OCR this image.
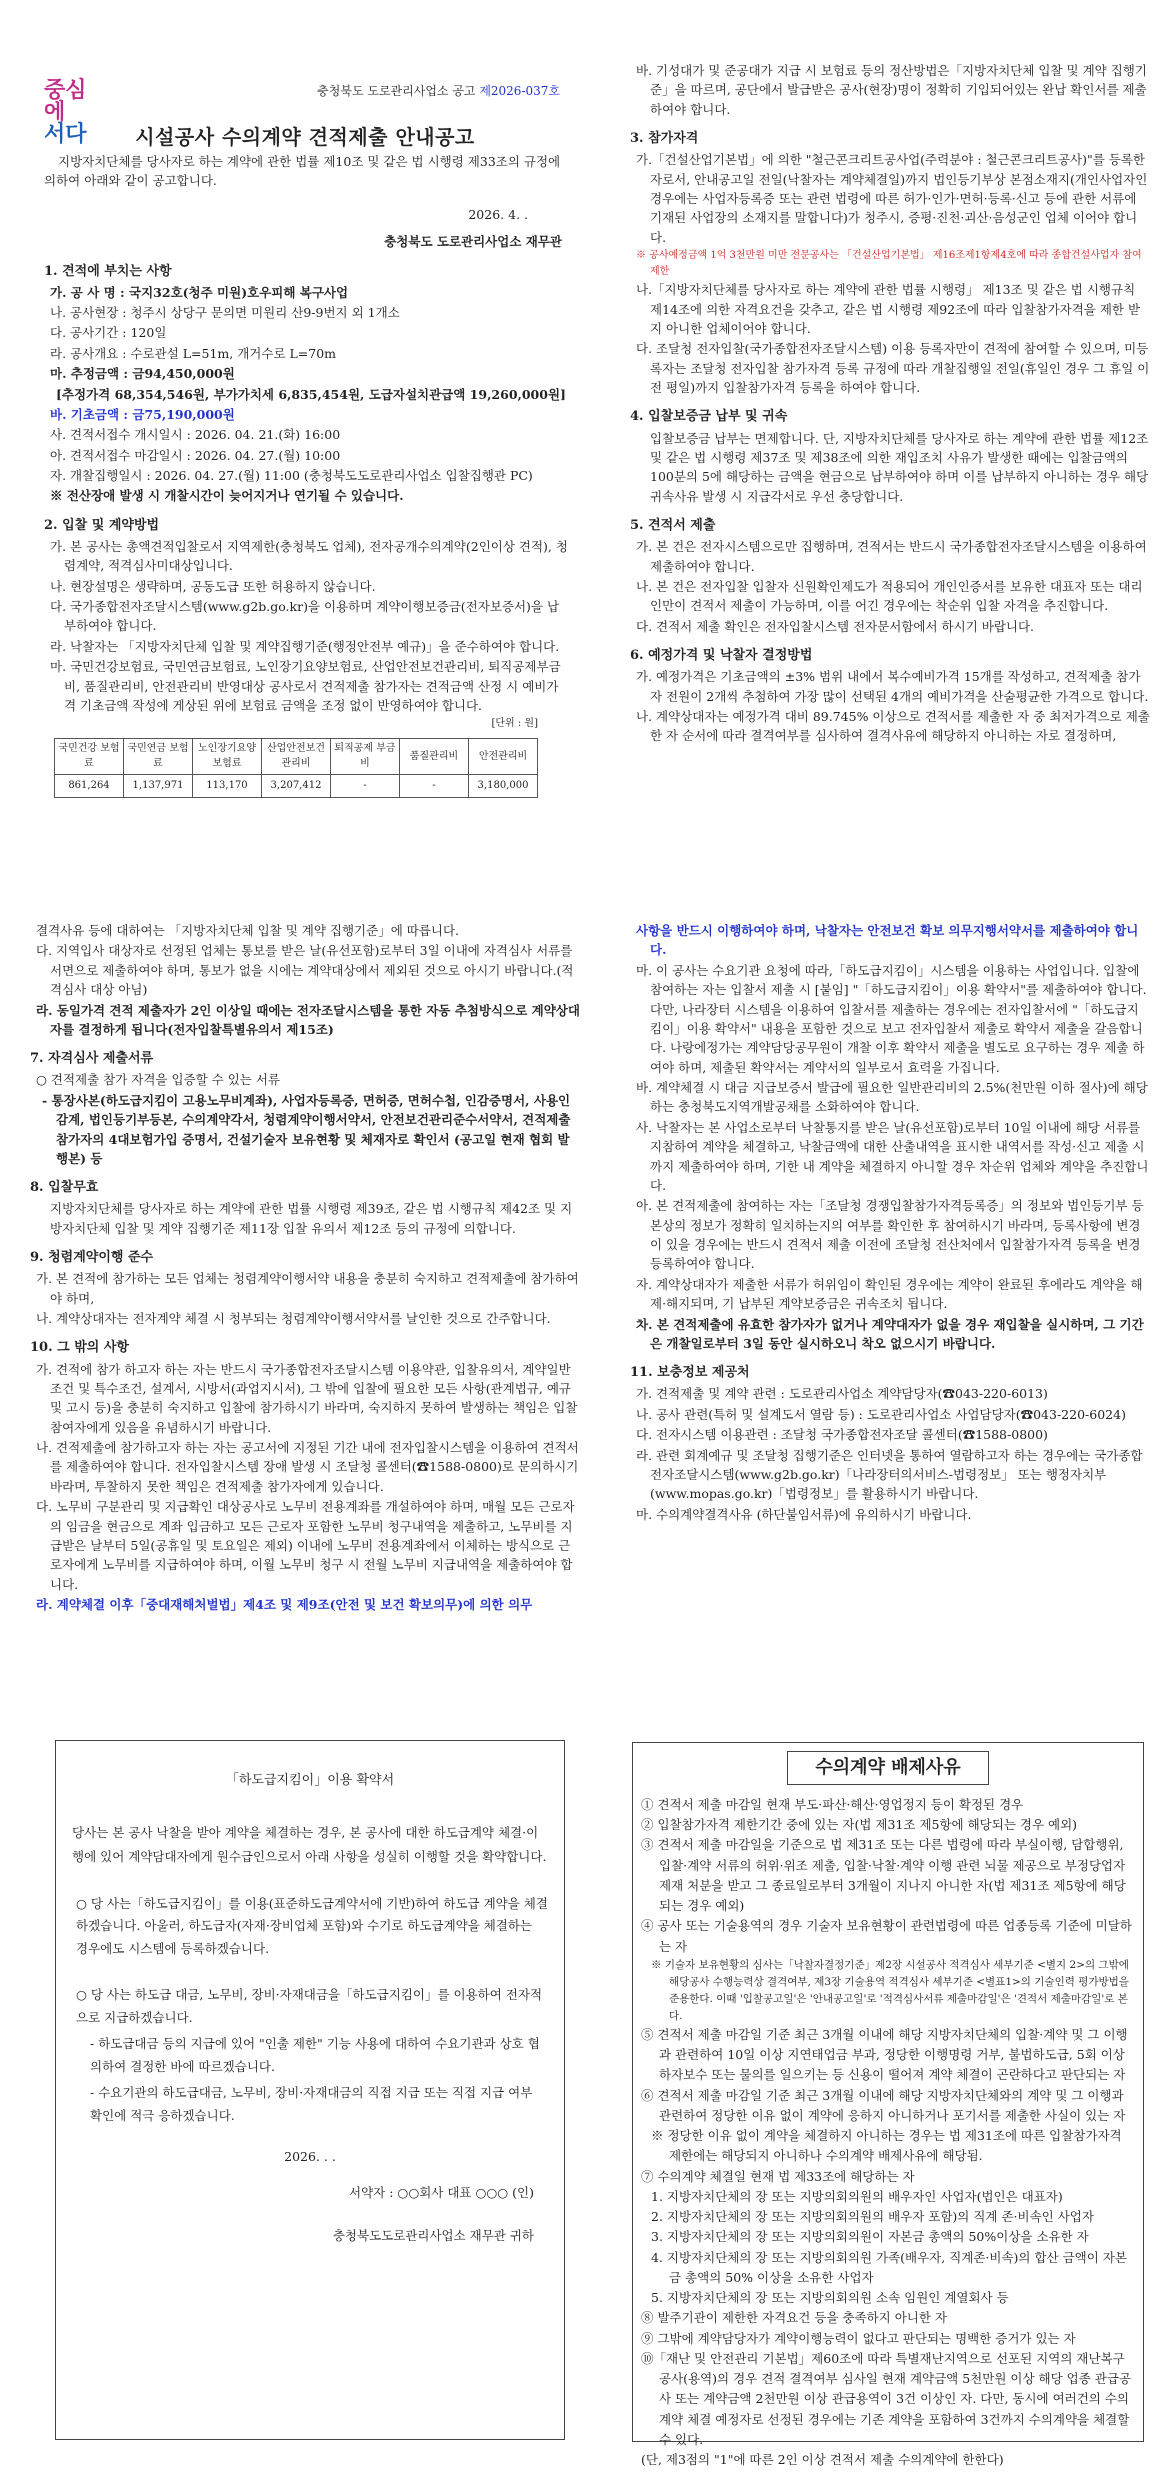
중심에
서다
충청북도 도로관리사업소 공고 제2026-037호
시설공사 수의계약 견적제출 안내공고
지방자치단체를 당사자로 하는 계약에 관한 법률 제10조 및 같은 법 시행령 제33조의 규정에 의하여 아래와 같이 공고합니다.
2026. 4. .
충청북도 도로관리사업소 재무관
1. 견적에 부치는 사항
가. 공 사 명 : 국지32호(청주 미원)호우피해 복구사업
나. 공사현장 : 청주시 상당구 문의면 미원리 산9-9번지 외 1개소
다. 공사기간 : 120일
라. 공사개요 : 수로관설 L=51m, 개거수로 L=70m
마. 추정금액 : 금94,450,000원
[추정가격 68,354,546원, 부가가치세 6,835,454원, 도급자설치관급액 19,260,000원]
바. 기초금액 : 금75,190,000원
사. 견적서접수 개시일시 : 2026. 04. 21.(화) 16:00
아. 견적서접수 마감일시 : 2026. 04. 27.(월) 10:00
자. 개찰집행일시 : 2026. 04. 27.(월) 11:00 (충청북도도로관리사업소 입찰집행관 PC)
※ 전산장애 발생 시 개찰시간이 늦어지거나 연기될 수 있습니다.
2. 입찰 및 계약방법
가. 본 공사는 총액견적입찰로서 지역제한(충청북도 업체), 전자공개수의계약(2인이상 견적), 청렴계약, 적격심사미대상입니다.
나. 현장설명은 생략하며, 공동도급 또한 허용하지 않습니다.
다. 국가종합전자조달시스템(www.g2b.go.kr)을 이용하며 계약이행보증금(전자보증서)을 납부하여야 합니다.
라. 낙찰자는 「지방자치단체 입찰 및 계약집행기준(행정안전부 예규)」을 준수하여야 합니다.
마. 국민건강보험료, 국민연금보험료, 노인장기요양보험료, 산업안전보건관리비, 퇴직공제부금비, 품질관리비, 안전관리비 반영대상 공사로서 견적제출 참가자는 견적금액 산정 시 예비가격 기초금액 작성에 게상된 위에 보험료 금액을 조정 없이 반영하여야 합니다.
[단위 : 원]
국민건강 보험료	국민연금 보험료	노인장기요양 보험료	산업안전보건 관리비	퇴직공제 부금비	품질관리비	안전관리비
861,264	1,137,971	113,170	3,207,412	-	-	3,180,000
바. 기성대가 및 준공대가 지급 시 보험료 등의 정산방법은「지방자치단체 입찰 및 계약 집행기준」을 따르며, 공단에서 발급받은 공사(현장)명이 정확히 기입되어있는 완납 확인서를 제출하여야 합니다.
3. 참가자격
가.「건설산업기본법」에 의한 "철근콘크리트공사업(주력분야 : 철근콘크리트공사)"를 등록한 자로서, 안내공고일 전일(낙찰자는 계약체결일)까지 법인등기부상 본점소재지(개인사업자인 경우에는 사업자등록증 또는 관련 법령에 따른 허가·인가·면허·등록·신고 등에 관한 서류에 기재된 사업장의 소재지를 말합니다)가 청주시, 증평·진천·괴산·음성군인 업체 이어야 합니다.
※ 공사예정금액 1억 3천만원 미만 전문공사는 「건설산업기본법」 제16조제1항제4호에 따라 종합건설사업자 참여제한
나.「지방자치단체를 당사자로 하는 계약에 관한 법률 시행령」 제13조 및 같은 법 시행규칙 제14조에 의한 자격요건을 갖추고, 같은 법 시행령 제92조에 따라 입찰참가자격을 제한 받지 아니한 업체이어야 합니다.
다. 조달청 전자입찰(국가종합전자조달시스템) 이용 등록자만이 견적에 참여할 수 있으며, 미등록자는 조달청 전자입찰 참가자격 등록 규정에 따라 개찰집행일 전일(휴일인 경우 그 휴일 이전 평일)까지 입찰참가자격 등록을 하여야 합니다.
4. 입찰보증금 납부 및 귀속
입찰보증금 납부는 면제합니다. 단, 지방자치단체를 당사자로 하는 계약에 관한 법률 제12조 및 같은 법 시행령 제37조 및 제38조에 의한 재입조치 사유가 발생한 때에는 입찰금액의 100분의 5에 해당하는 금액을 현금으로 납부하여야 하며 이를 납부하지 아니하는 경우 해당 귀속사유 발생 시 지급각서로 우선 충당합니다.
5. 견적서 제출
가. 본 건은 전자시스템으로만 집행하며, 견적서는 반드시 국가종합전자조달시스템을 이용하여 제출하여야 합니다.
나. 본 건은 전자입찰 입찰자 신원확인제도가 적용되어 개인인증서를 보유한 대표자 또는 대리인만이 견적서 제출이 가능하며, 이를 어긴 경우에는 착순위 입찰 자격을 추진합니다.
다. 견적서 제출 확인은 전자입찰시스템 전자문서함에서 하시기 바랍니다.
6. 예정가격 및 낙찰자 결정방법
가. 예정가격은 기초금액의 ±3% 범위 내에서 복수예비가격 15개를 작성하고, 견적제출 참가자 전원이 2개씩 추첨하여 가장 많이 선택된 4개의 예비가격을 산술평균한 가격으로 합니다.
나. 계약상대자는 예정가격 대비 89.745% 이상으로 견적서를 제출한 자 중 최저가격으로 제출한 자 순서에 따라 결격여부를 심사하여 결격사유에 해당하지 아니하는 자로 결정하며,
결격사유 등에 대하여는 「지방자치단체 입찰 및 계약 집행기준」에 따릅니다.
다. 지역입사 대상자로 선정된 업체는 통보를 받은 날(유선포함)로부터 3일 이내에 자격심사 서류를 서면으로 제출하여야 하며, 통보가 없을 시에는 계약대상에서 제외된 것으로 아시기 바랍니다.(적격심사 대상 아님)
라. 동일가격 견적 제출자가 2인 이상일 때에는 전자조달시스템을 통한 자동 추첨방식으로 계약상대자를 결정하게 됩니다(전자입찰특별유의서 제15조)
7. 자격심사 제출서류
○ 견적제출 참가 자격을 입증할 수 있는 서류
- 통장사본(하도급지킴이 고용노무비계좌), 사업자등록증, 면허증, 면허수첩, 인감증명서, 사용인감계, 법인등기부등본, 수의계약각서, 청렴계약이행서약서, 안전보건관리준수서약서, 견적제출 참가자의 4대보험가입 증명서, 건설기술자 보유현황 및 체재자로 확인서 (공고일 현재 협회 발행본) 등
8. 입찰무효
지방자치단체를 당사자로 하는 계약에 관한 법률 시행령 제39조, 같은 법 시행규칙 제42조 및 지방자치단체 입찰 및 계약 집행기준 제11장 입찰 유의서 제12조 등의 규정에 의합니다.
9. 청렴계약이행 준수
가. 본 견적에 참가하는 모든 업체는 청렴계약이행서약 내용을 충분히 숙지하고 견적제출에 참가하여야 하며,
나. 계약상대자는 전자계약 체결 시 청부되는 청렴계약이행서약서를 날인한 것으로 간주합니다.
10. 그 밖의 사항
가. 견적에 참가 하고자 하는 자는 반드시 국가종합전자조달시스템 이용약관, 입찰유의서, 계약일반조건 및 특수조건, 설계서, 시방서(과업지시서), 그 밖에 입찰에 필요한 모든 사항(관계법규, 예규 및 고시 등)을 충분히 숙지하고 입찰에 참가하시기 바라며, 숙지하지 못하여 발생하는 책임은 입찰참여자에게 있음을 유념하시기 바랍니다.
나. 견적제출에 참가하고자 하는 자는 공고서에 지정된 기간 내에 전자입찰시스템을 이용하여 견적서를 제출하여야 합니다. 전자입찰시스템 장애 발생 시 조달청 콜센터(☎1588-0800)로 문의하시기 바라며, 투찰하지 못한 책임은 견적제출 참가자에게 있습니다.
다. 노무비 구분관리 및 지급확인 대상공사로 노무비 전용계좌를 개설하여야 하며, 매월 모든 근로자의 임금을 현금으로 계좌 입금하고 모든 근로자 포함한 노무비 청구내역을 제출하고, 노무비를 지급받은 날부터 5일(공휴일 및 토요일은 제외) 이내에 노무비 전용계좌에서 이체하는 방식으로 근로자에게 노무비를 지급하여야 하며, 이월 노무비 청구 시 전월 노무비 지급내역을 제출하여야 합니다.
라. 계약체결 이후「중대재해처벌법」제4조 및 제9조(안전 및 보건 확보의무)에 의한 의무
사항을 반드시 이행하여야 하며, 낙찰자는 안전보건 확보 의무지행서약서를 제출하여야 합니다.
마. 이 공사는 수요기관 요청에 따라,「하도급지킴이」시스템을 이용하는 사업입니다. 입찰에 참여하는 자는 입찰서 제출 시 [붙임] "「하도급지킴이」이용 확약서"를 제출하여야 합니다. 다만, 나라장터 시스템을 이용하여 입찰서를 제출하는 경우에는 전자입찰서에 "「하도급지킴이」이용 확약서" 내용을 포함한 것으로 보고 전자입찰서 제출로 확약서 제출을 갈음합니다. 나랑에정가는 계약담당공무원이 개찰 이후 확약서 제출을 별도로 요구하는 경우 제출 하여야 하며, 제출된 확약서는 계약서의 일부로서 효력을 가집니다.
바. 계약체결 시 대금 지급보증서 발급에 필요한 일반관리비의 2.5%(천만원 이하 절사)에 해당하는 충청북도지역개발공채를 소화하여야 합니다.
사. 낙찰자는 본 사업소로부터 낙찰통지를 받은 날(유선포함)로부터 10일 이내에 해당 서류를 지참하여 계약을 체결하고, 낙찰금액에 대한 산출내역을 표시한 내역서를 작성·신고 제출 시까지 제출하여야 하며, 기한 내 계약을 체결하지 아니할 경우 차순위 업체와 계약을 추진합니다.
아. 본 견적제출에 참여하는 자는「조달청 경쟁입찰참가자격등록증」의 정보와 법인등기부 등본상의 정보가 정확히 일치하는지의 여부를 확인한 후 참여하시기 바라며, 등록사항에 변경이 있을 경우에는 반드시 견적서 제출 이전에 조달청 전산처에서 입찰참가자격 등록을 변경 등록하여야 합니다.
자. 계약상대자가 제출한 서류가 허위임이 확인된 경우에는 계약이 완료된 후에라도 계약을 해제·해지되며, 기 납부된 계약보증금은 귀속조치 됩니다.
차. 본 견적제출에 유효한 참가자가 없거나 계약대자가 없을 경우 재입찰을 실시하며, 그 기간은 개찰일로부터 3일 동안 실시하오니 착오 없으시기 바랍니다.
11. 보충정보 제공처
가. 견적제출 및 계약 관련 : 도로관리사업소 계약담당자(☎043-220-6013)
나. 공사 관련(특허 및 설계도서 열람 등) : 도로관리사업소 사업담당자(☎043-220-6024)
다. 전자시스템 이용관련 : 조달청 국가종합전자조달 콜센터(☎1588-0800)
라. 관련 회계예규 및 조달청 집행기준은 인터넷을 통하여 열람하고자 하는 경우에는 국가종합전자조달시스템(www.g2b.go.kr)「나라장터의서비스-법령정보」 또는 행정자치부(www.mopas.go.kr)「법령정보」를 활용하시기 바랍니다.
마. 수의계약결격사유 (하단붙임서류)에 유의하시기 바랍니다.
「하도급지킴이」이용 확약서
당사는 본 공사 낙찰을 받아 계약을 체결하는 경우, 본 공사에 대한 하도급계약 체결·이행에 있어 계약담대자에게 원수급인으로서 아래 사항을 성실히 이행할 것을 확약합니다.
○ 당 사는「하도급지킴이」를 이용(표준하도급계약서에 기반)하여 하도급 계약을 체결하겠습니다. 아울러, 하도급자(자재·장비업체 포함)와 수기로 하도급계약을 체결하는 경우에도 시스템에 등록하겠습니다.
○ 당 사는 하도급 대금, 노무비, 장비·자재대금을「하도급지킴이」를 이용하여 전자적으로 지급하겠습니다.
- 하도급대금 등의 지급에 있어 "인출 제한" 기능 사용에 대하여 수요기관과 상호 협의하여 결정한 바에 따르겠습니다.
- 수요기관의 하도급대금, 노무비, 장비·자재대금의 직접 지급 또는 직접 지급 여부 확인에 적극 응하겠습니다.
2026. . .
서약자 : ○○회사 대표 ○○○ (인)
충청북도도로관리사업소 재무관 귀하
수의계약 배제사유
① 견적서 제출 마감일 현재 부도·파산·해산·영업정지 등이 확정된 경우
② 입찰참가자격 제한기간 중에 있는 자(법 제31조 제5항에 해당되는 경우 예외)
③ 견적서 제출 마감일을 기준으로 법 제31조 또는 다른 법령에 따라 부실이행, 담합행위, 입찰·계약 서류의 허위·위조 제출, 입찰·낙찰·계약 이행 관련 뇌물 제공으로 부정당업자 제재 처분을 받고 그 종료일로부터 3개월이 지나지 아니한 자(법 제31조 제5항에 해당되는 경우 예외)
④ 공사 또는 기술용역의 경우 기술자 보유현황이 관련법령에 따른 업종등록 기준에 미달하는 자
※ 기술자 보유현황의 심사는「낙찰자결정기준」제2장 시설공사 적격심사 세부기준 <별지 2>의 그밖에 해당공사 수행능력상 결격여부, 제3장 기술용역 적격심사 세부기준 <별표1>의 기술인력 평가방법을 준용한다. 이때 '입찰공고일'은 '안내공고일'로 '적격심사서류 제출마감일'은 '견적서 제출마감일'로 본다.
⑤ 견적서 제출 마감일 기준 최근 3개월 이내에 해당 지방자치단체의 입찰·계약 및 그 이행과 관련하여 10일 이상 지연태업금 부과, 정당한 이행명령 거부, 불법하도급, 5회 이상 하자보수 또는 물의를 일으키는 등 신용이 떨어져 계약 체결이 곤란하다고 판단되는 자
⑥ 견적서 제출 마감일 기준 최근 3개월 이내에 해당 지방자치단체와의 계약 및 그 이행과 관련하여 정당한 이유 없이 계약에 응하지 아니하거나 포기서를 제출한 사실이 있는 자
※ 정당한 이유 없이 계약을 체결하지 아니하는 경우는 법 제31조에 따른 입찰참가자격 제한에는 해당되지 아니하나 수의계약 배제사유에 해당됨.
⑦ 수의계약 체결일 현재 법 제33조에 해당하는 자
1. 지방자치단체의 장 또는 지방의회의원의 배우자인 사업자(법인은 대표자)
2. 지방자치단체의 장 또는 지방의회의원의 배우자 포함)의 직계 존·비속인 사업자
3. 지방자치단체의 장 또는 지방의회의원이 자본금 총액의 50%이상을 소유한 자
4. 지방자치단체의 장 또는 지방의회의원 가족(배우자, 직계존·비속)의 합산 금액이 자본금 총액의 50% 이상을 소유한 사업자
5. 지방자치단체의 장 또는 지방의회의원 소속 임원인 계열회사 등
⑧ 발주기관이 제한한 자격요건 등을 충족하지 아니한 자
⑨ 그밖에 계약담당자가 계약이행능력이 없다고 판단되는 명백한 증거가 있는 자
⑩「재난 및 안전관리 기본법」제60조에 따라 특별재난지역으로 선포된 지역의 재난복구공사(용역)의 경우 견적 결격여부 심사일 현재 계약금액 5천만원 이상 해당 업종 관급공사 또는 계약금액 2천만원 이상 관급용역이 3건 이상인 자. 다만, 동시에 여러건의 수의계약 체결 예정자로 선정된 경우에는 기존 계약을 포함하여 3건까지 수의계약을 체결할 수 있다.
(단, 제3점의 "1"에 따른 2인 이상 견적서 제출 수의계약에 한한다)
